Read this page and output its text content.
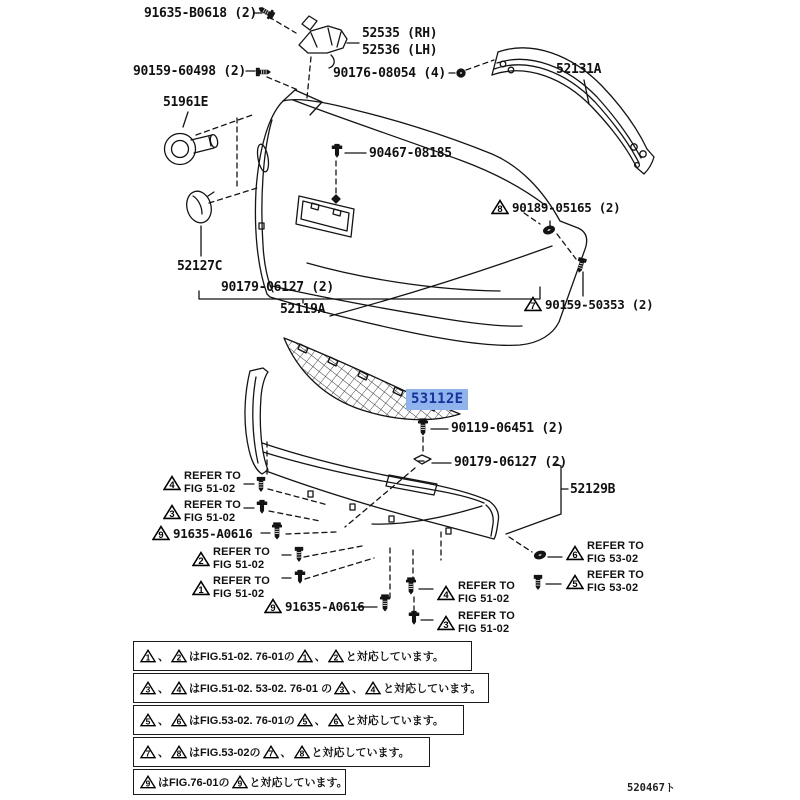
91635-B0618 (2)
52535 (RH)
52536 (LH)
90159-60498 (2)	90176-08054 (4)	52131A
51961E
90467-08185
52127C
90179-06127 (2)
52119A
90119-06451 (2)
90179-06127 (2)
52129B
53112E
8 90189-05165 (2)
7 90159-50353 (2)
4
REFER TO
FIG 51-02
3
REFER TO
FIG 51-02
9 91635-A0616
2
REFER TO
FIG 51-02
1
REFER TO
FIG 51-02
9 91635-A0616
4
REFER TO
FIG 51-02
3
REFER TO
FIG 51-02
6
REFER TO
FIG 53-02
5
REFER TO
FIG 53-02
1 、 2 はFIG.51-02. 76-01の 1 、 2 と対応しています。
3 、 4 はFIG.51-02. 53-02. 76-01 の 3 、 4 と対応しています。
5 、 6 はFIG.53-02. 76-01の 5 、 6 と対応しています。
7 、 8 はFIG.53-02の 7 、 8 と対応しています。
9 はFIG.76-01の 9 と対応しています。	520467ト
